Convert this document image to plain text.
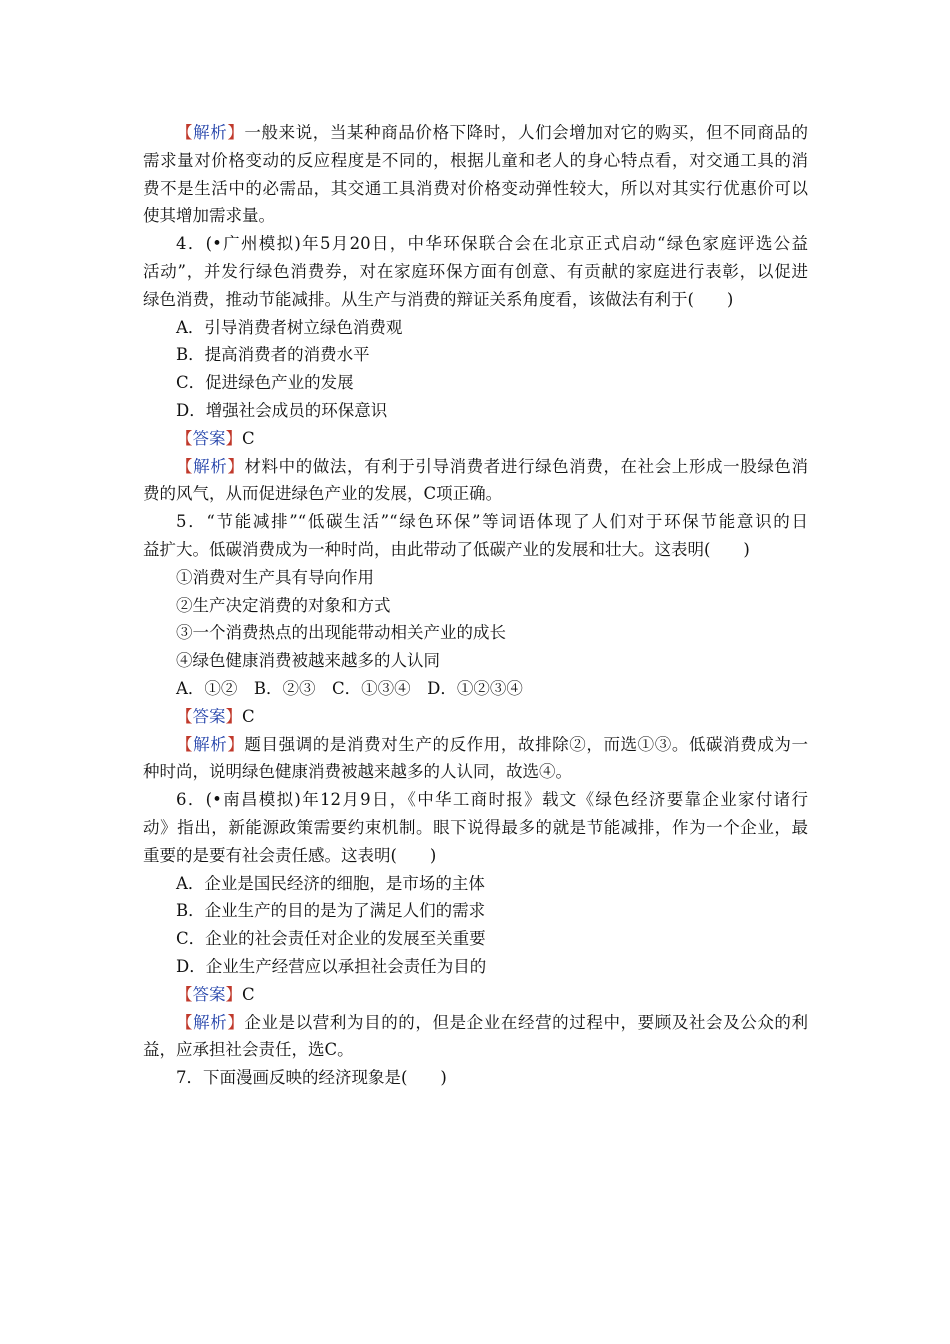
【解析】一般来说，当某种商品价格下降时，人们会增加对它的购买，但不同商品的
需求量对价格变动的反应程度是不同的，根据儿童和老人的身心特点看，对交通工具的消
费不是生活中的必需品，其交通工具消费对价格变动弹性较大，所以对其实行优惠价可以
使其增加需求量。
4．(•广州模拟)年5月20日，中华环保联合会在北京正式启动“绿色家庭评选公益
活动”，并发行绿色消费券，对在家庭环保方面有创意、有贡献的家庭进行表彰，以促进
绿色消费，推动节能减排。从生产与消费的辩证关系角度看，该做法有利于(　　)
A．引导消费者树立绿色消费观
B．提高消费者的消费水平
C．促进绿色产业的发展
D．增强社会成员的环保意识
【答案】C
【解析】材料中的做法，有利于引导消费者进行绿色消费，在社会上形成一股绿色消
费的风气，从而促进绿色产业的发展，C项正确。
5．“节能减排”“低碳生活”“绿色环保”等词语体现了人们对于环保节能意识的日
益扩大。低碳消费成为一种时尚，由此带动了低碳产业的发展和壮大。这表明(　　)
①消费对生产具有导向作用
②生产决定消费的对象和方式
③一个消费热点的出现能带动相关产业的成长
④绿色健康消费被越来越多的人认同
A．①②　B．②③　C．①③④　D．①②③④
【答案】C
【解析】题目强调的是消费对生产的反作用，故排除②，而选①③。低碳消费成为一
种时尚，说明绿色健康消费被越来越多的人认同，故选④。
6．(•南昌模拟)年12月9日，《中华工商时报》载文《绿色经济要靠企业家付诸行
动》指出，新能源政策需要约束机制。眼下说得最多的就是节能减排，作为一个企业，最
重要的是要有社会责任感。这表明(　　)
A．企业是国民经济的细胞，是市场的主体
B．企业生产的目的是为了满足人们的需求
C．企业的社会责任对企业的发展至关重要
D．企业生产经营应以承担社会责任为目的
【答案】C
【解析】企业是以营利为目的的，但是企业在经营的过程中，要顾及社会及公众的利
益，应承担社会责任，选C。
7．下面漫画反映的经济现象是(　　)
